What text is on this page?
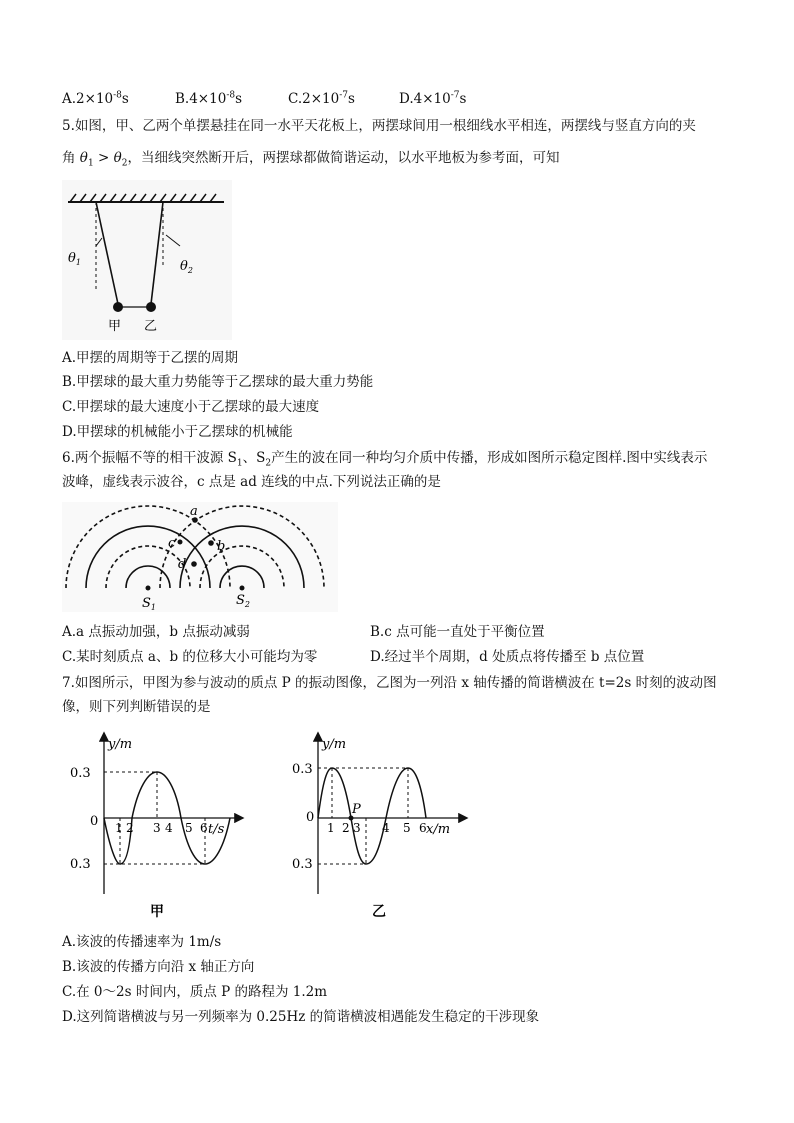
$A.2\times 10^{-8}s$	$B.4\times 10^{-8}s$	$C.2\times 10^{-7}s$	$D.4\times 10^{-7}s$
5.如图，甲、乙两个单摆悬挂在同一水平天花板上，两摆球间用一根细线水平相连，两摆线与竖直方向的夹
角 $\theta_1 > \theta_2$，当细线突然断开后，两摆球都做简谐运动，以水平地板为参考面，可知
$\theta_1$	$\theta_2$
甲 乙
A.甲摆的周期等于乙摆的周期
B.甲摆球的最大重力势能等于乙摆球的最大重力势能
C.甲摆球的最大速度小于乙摆球的最大速度
D.甲摆球的机械能小于乙摆球的机械能
6.两个振幅不等的相干波源 $S_1$、$S_2$产生的波在同一种均匀介质中传播，形成如图所示稳定图样.图中实线表示
波峰，虚线表示波谷，c 点是 ad 连线的中点.下列说法正确的是
a
b
c
d
$S_1$	$S_2$
A.a 点振动加强，b 点振动减弱	B.c 点可能一直处于平衡位置
C.某时刻质点 a、b 的位移大小可能均为零	D.经过半个周期，d 处质点将传播至 b 点位置
7.如图所示，甲图为参与波动的质点 P 的振动图像，乙图为一列沿 x 轴传播的简谐横波在 t=2s 时刻的波动图
像，则下列判断错误的是
y/m
t/s
0.3
0.3
0 1 2 3 4 5 6
甲
y/m
x/m
0.3
0.3
0
P
1 2 3 4 5 6
乙
A.该波的传播速率为 1m/s
B.该波的传播方向沿 x 轴正方向
C.在 0～2s 时间内，质点 P 的路程为 1.2m
D.这列简谐横波与另一列频率为 0.25Hz 的简谐横波相遇能发生稳定的干涉现象
